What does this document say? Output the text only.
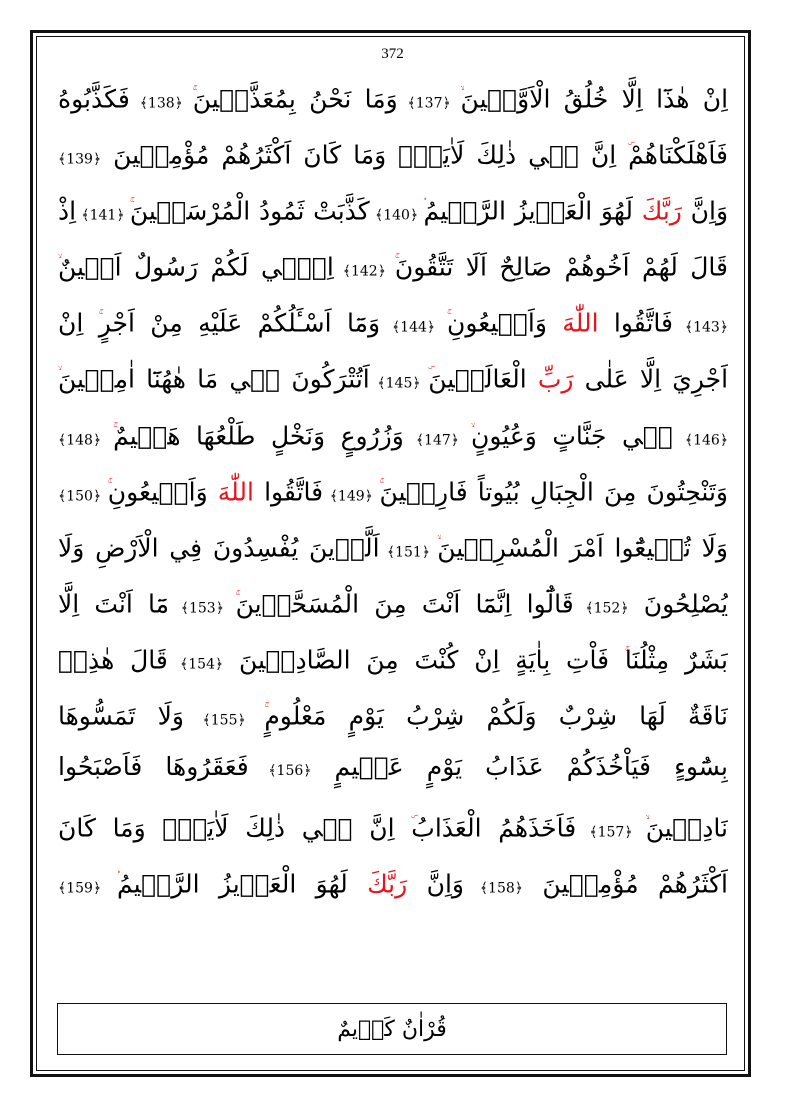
372
اِنْ هٰذَٓا اِلَّا خُلُقُ الْاَوَّل۪ينَ ﴿137﴾ وَمَا نَحْنُ بِمُعَذَّب۪ينَ ﴿138﴾ فَكَذَّبُوهُ
فَاَهْلَكْنَاهُمْ اِنَّ ف۪ي ذٰلِكَ لَاٰيَةًۜ وَمَا كَانَ اَكْثَرُهُمْ مُؤْمِن۪ينَ ﴿139﴾
وَاِنَّ رَبَّكَ لَهُوَ الْعَز۪يزُ الرَّح۪يمُ ﴿140﴾ كَذَّبَتْ ثَمُودُ الْمُرْسَل۪ينَ ﴿141﴾ اِذْ
قَالَ لَهُمْ اَخُوهُمْ صَالِحٌ اَلَا تَتَّقُونَ ﴿142﴾ اِنّ۪ي لَكُمْ رَسُولٌ اَم۪ينٌ
﴿143﴾ فَاتَّقُوا اللّٰهَ وَاَط۪يعُونِ ﴿144﴾ وَمَٓا اَسْـَٔلُكُمْ عَلَيْهِ مِنْ اَجْرٍ اِنْ
اَجْرِيَ اِلَّا عَلٰى رَبِّ الْعَالَم۪ينَ ﴿145﴾ اَتُتْرَكُونَ ف۪ي مَا هٰهُنَٓا اٰمِن۪ينَ
﴿146﴾ ف۪ي جَنَّاتٍ وَعُيُونٍ ﴿147﴾ وَزُرُوعٍ وَنَخْلٍ طَلْعُهَا هَض۪يمٌ ﴿148﴾
وَتَنْحِتُونَ مِنَ الْجِبَالِ بُيُوتاً فَارِه۪ينَ ﴿149﴾ فَاتَّقُوا اللّٰهَ وَاَط۪يعُونِ ﴿150﴾
وَلَا تُط۪يعُٓوا اَمْرَ الْمُسْرِف۪ينَ ﴿151﴾ اَلَّذ۪ينَ يُفْسِدُونَ فِي الْاَرْضِ وَلَا
يُصْلِحُونَ ﴿152﴾ قَالُٓوا اِنَّمَٓا اَنْتَ مِنَ الْمُسَحَّر۪ينَ ﴿153﴾ مَٓا اَنْتَ اِلَّا
بَشَرٌ مِثْلُنَا فَاْتِ بِاٰيَةٍ اِنْ كُنْتَ مِنَ الصَّادِق۪ينَ ﴿154﴾ قَالَ هٰذِه۪
نَاقَةٌ لَهَا شِرْبٌ وَلَكُمْ شِرْبُ يَوْمٍ مَعْلُومٍ ﴿155﴾ وَلَا تَمَسُّوهَا
بِسُٓوءٍ فَيَاْخُذَكُمْ عَذَابُ يَوْمٍ عَظ۪يمٍ ﴿156﴾ فَعَقَرُوهَا فَاَصْبَحُوا
نَادِم۪ينَ ﴿157﴾ فَاَخَذَهُمُ الْعَذَابُ اِنَّ ف۪ي ذٰلِكَ لَاٰيَةًۜ وَمَا كَانَ
اَكْثَرُهُمْ مُؤْمِن۪ينَ ﴿158﴾ وَاِنَّ رَبَّكَ لَهُوَ الْعَز۪يزُ الرَّح۪يمُ ﴿159﴾
قُرْاٰنٌ كَر۪يمٌ
